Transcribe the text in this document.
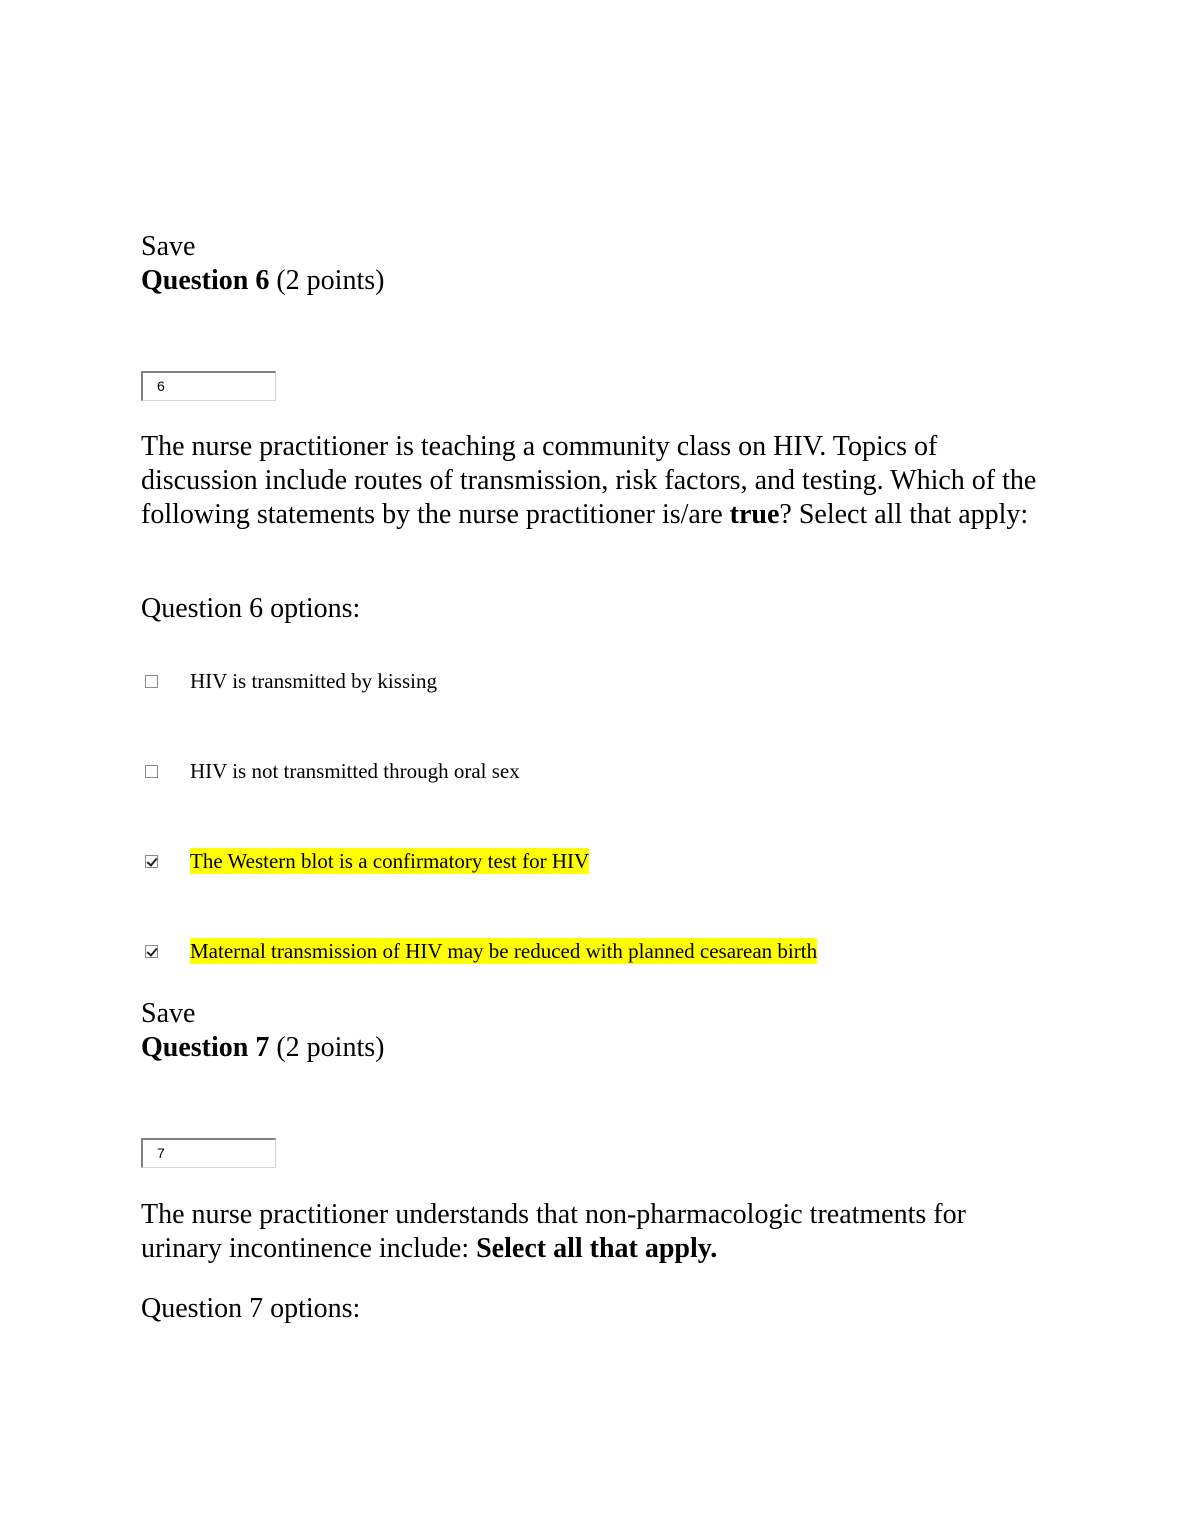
Save
Question 6 (2 points)
6
The nurse practitioner is teaching a community class on HIV. Topics of discussion include routes of transmission, risk factors, and testing. Which of the following statements by the nurse practitioner is/are true? Select all that apply:
Question 6 options:
HIV is transmitted by kissing
HIV is not transmitted through oral sex
The Western blot is a confirmatory test for HIV
Maternal transmission of HIV may be reduced with planned cesarean birth
Save
Question 7 (2 points)
7
The nurse practitioner understands that non-pharmacologic treatments for urinary incontinence include: Select all that apply.
Question 7 options:
